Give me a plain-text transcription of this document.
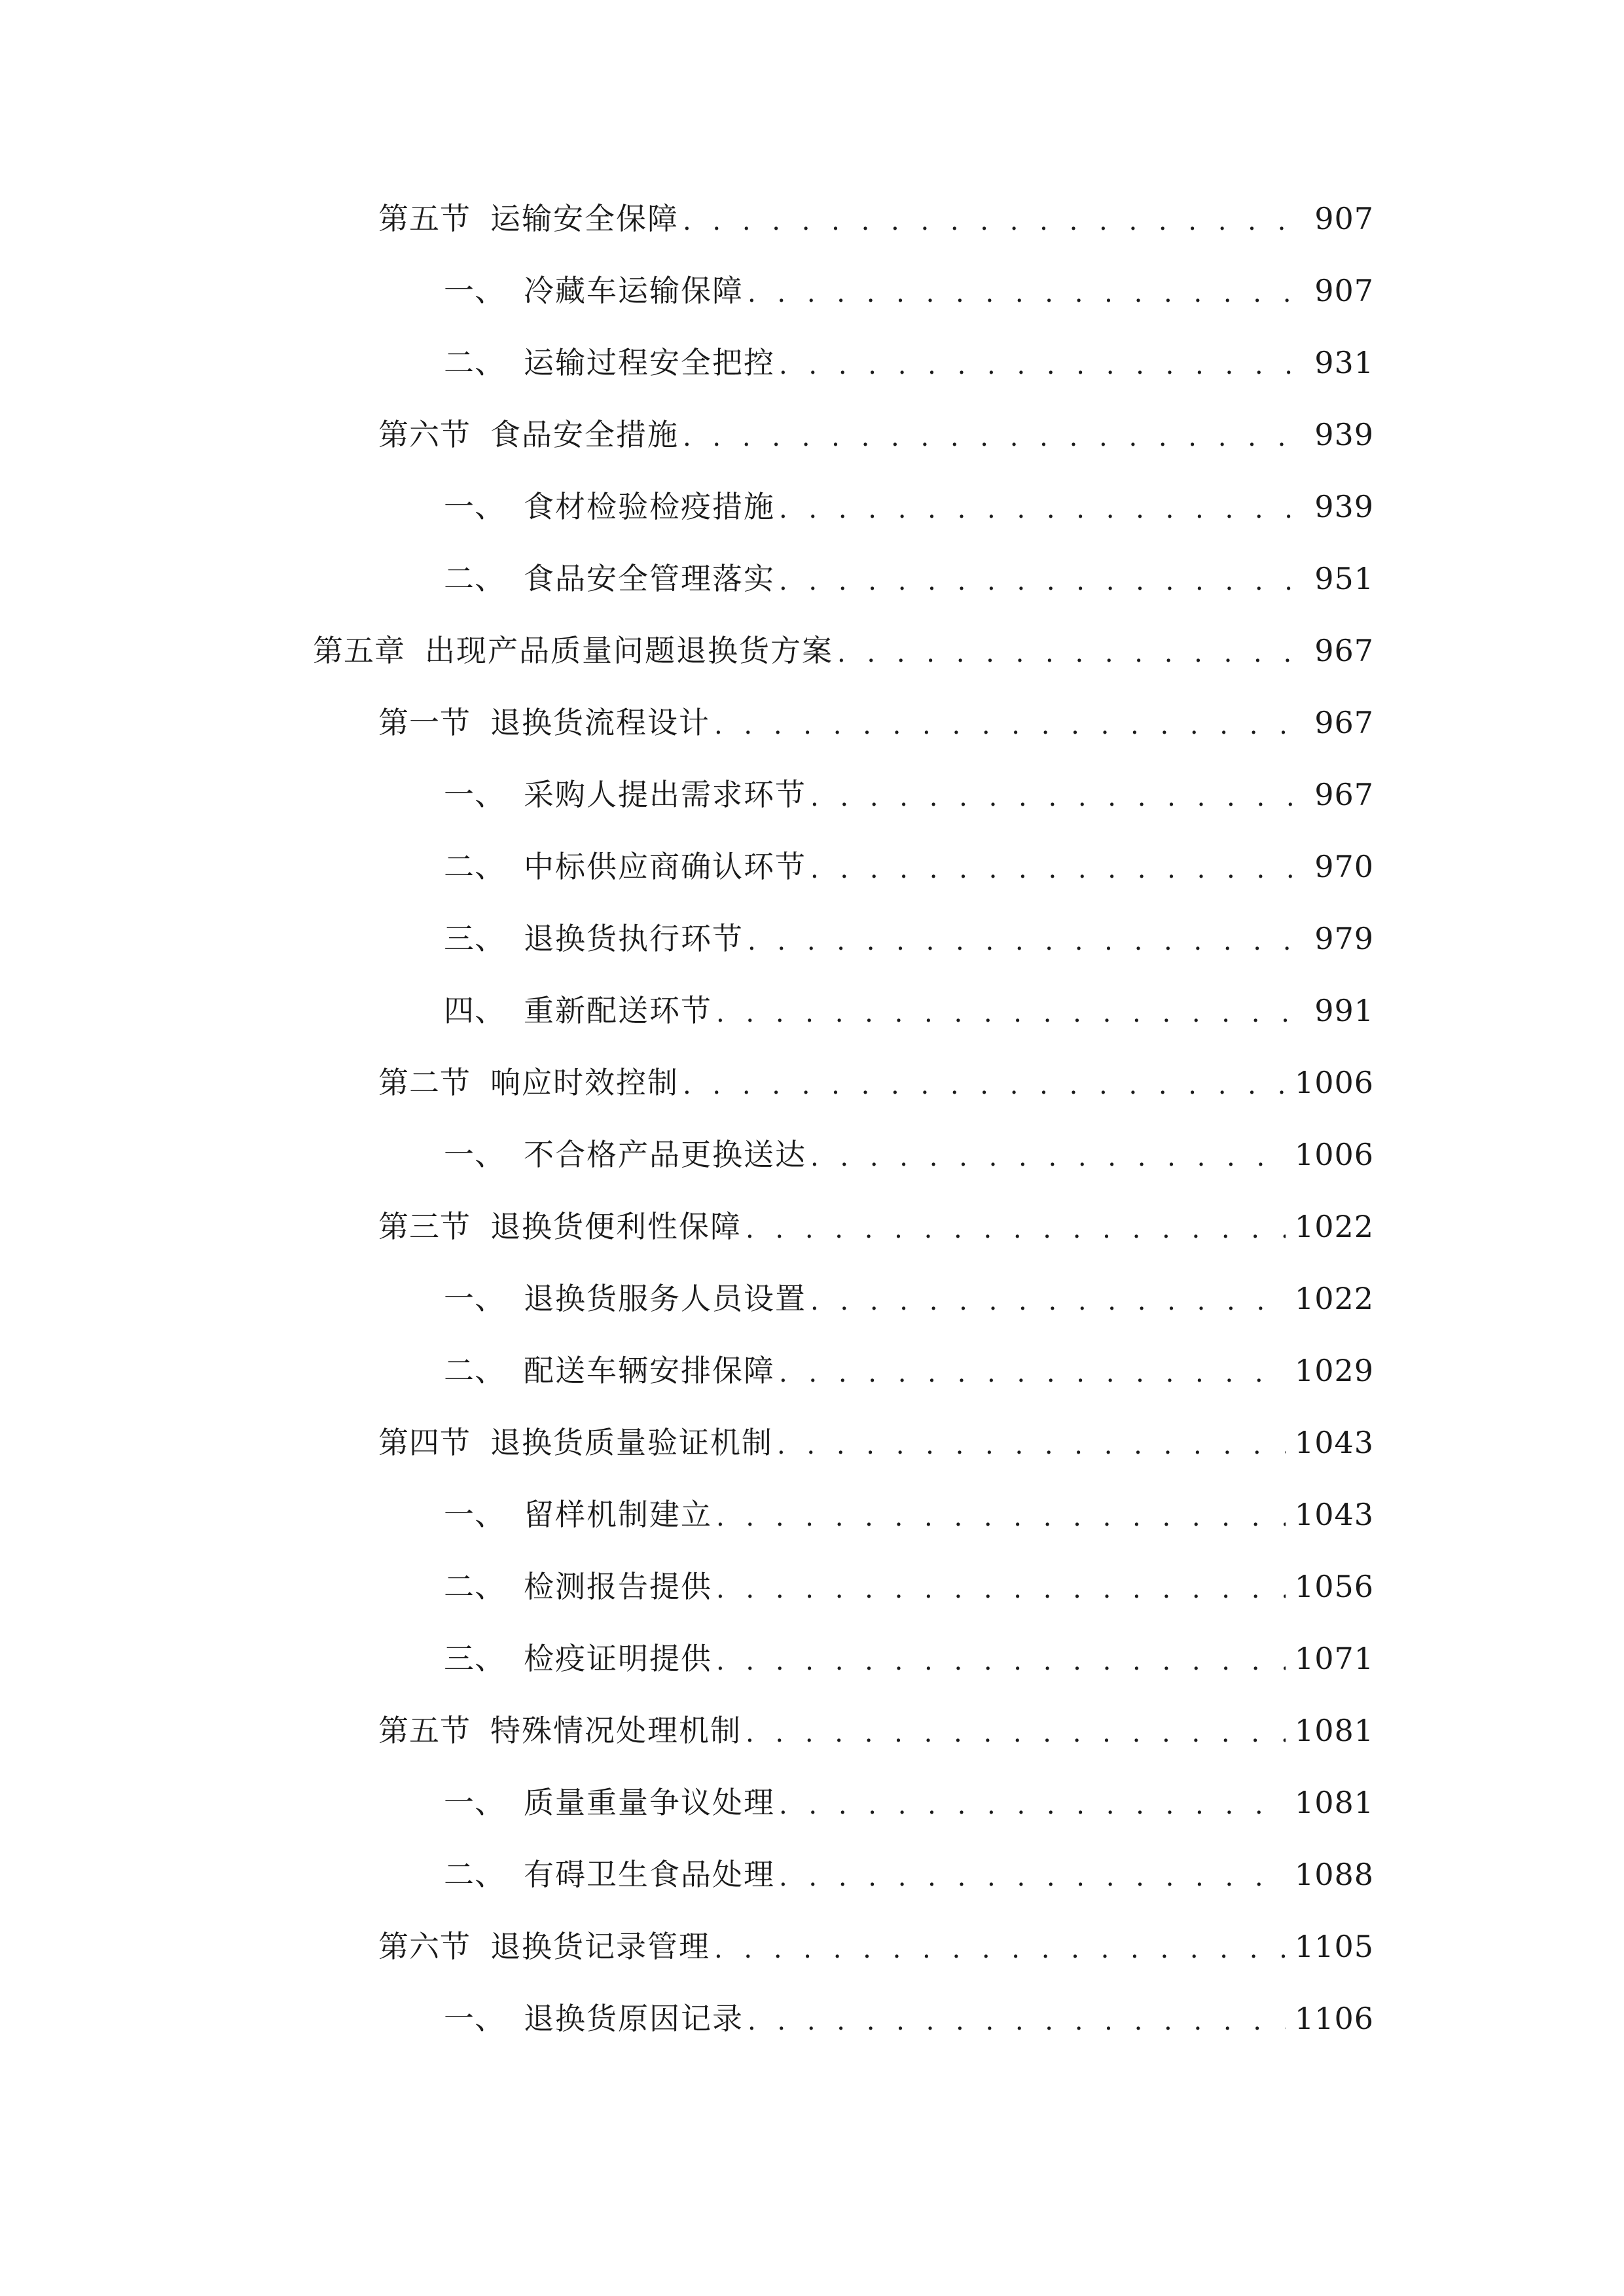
第五节 运输安全保障 . . .	907
一、 冷藏车运输保障 . . .	907
二、 运输过程安全把控 . . .	931
第六节 食品安全措施 . . .	939
一、 食材检验检疫措施 . . .	939
二、 食品安全管理落实 . . .	951
第五章 出现产品质量问题退换货方案 . . .	967
第一节 退换货流程设计 . . .	967
一、 采购人提出需求环节 . . .	967
二、 中标供应商确认环节 . . .	970
三、 退换货执行环节 . . .	979
四、 重新配送环节 . . .	991
第二节 响应时效控制 . . .	1006
一、 不合格产品更换送达 . . .	1006
第三节 退换货便利性保障 . . .	1022
一、 退换货服务人员设置 . . .	1022
二、 配送车辆安排保障 . . .	1029
第四节 退换货质量验证机制 . . .	1043
一、 留样机制建立 . . .	1043
二、 检测报告提供 . . .	1056
三、 检疫证明提供 . . .	1071
第五节 特殊情况处理机制 . . .	1081
一、 质量重量争议处理 . . .	1081
二、 有碍卫生食品处理 . . .	1088
第六节 退换货记录管理 . . .	1105
一、 退换货原因记录 . . .	1106
